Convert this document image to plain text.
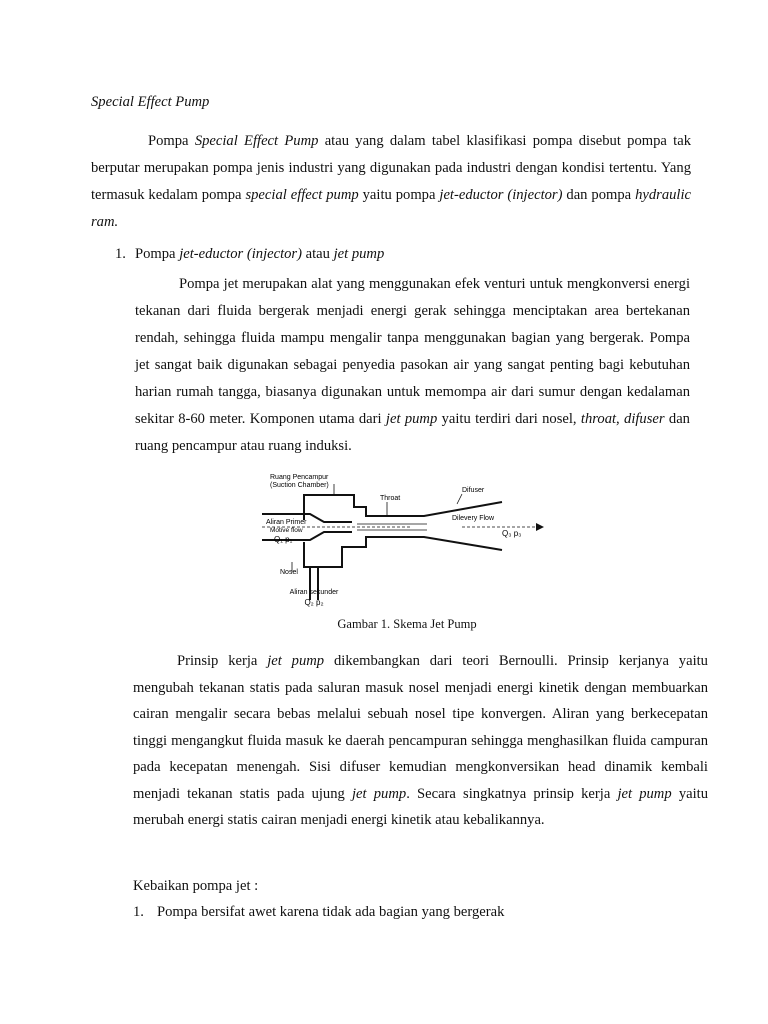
Special Effect Pump

Pompa Special Effect Pump atau yang dalam tabel klasifikasi pompa disebut pompa tak berputar merupakan pompa jenis industri yang digunakan pada industri dengan kondisi tertentu. Yang termasuk kedalam pompa special effect pump yaitu pompa jet-eductor (injector) dan pompa hydraulic ram.

1. Pompa jet-eductor (injector) atau jet pump

Pompa jet merupakan alat yang menggunakan efek venturi untuk mengkonversi energi tekanan dari fluida bergerak menjadi energi gerak sehingga menciptakan area bertekanan rendah, sehingga fluida mampu mengalir tanpa menggunakan bagian yang bergerak. Pompa jet sangat baik digunakan sebagai penyedia pasokan air yang sangat penting bagi kebutuhan harian rumah tangga, biasanya digunakan untuk memompa air dari sumur dengan kedalaman sekitar 8-60 meter. Komponen utama dari jet pump yaitu terdiri dari nosel, throat, difuser dan ruang pencampur atau ruang induksi.

Ruang Pencampur
(Suction Chamber)
Throat
Difuser
Aliran Primer
Motive flow
Q₁ p₁
Dilevery Flow
Q₃ p₃
Nosel
Aliran sekunder
Q₂ p₂
Gambar 1. Skema Jet Pump

Prinsip kerja jet pump dikembangkan dari teori Bernoulli. Prinsip kerjanya yaitu mengubah tekanan statis pada saluran masuk nosel menjadi energi kinetik dengan membuarkan cairan mengalir secara bebas melalui sebuah nosel tipe konvergen. Aliran yang berkecepatan tinggi mengangkut fluida masuk ke daerah pencampuran sehingga menghasilkan fluida campuran pada kecepatan menengah. Sisi difuser kemudian mengkonversikan head dinamik kembali menjadi tekanan statis pada ujung jet pump. Secara singkatnya prinsip kerja jet pump yaitu merubah energi statis cairan menjadi energi kinetik atau kebalikannya.

Kebaikan pompa jet :
1. Pompa bersifat awet karena tidak ada bagian yang bergerak
